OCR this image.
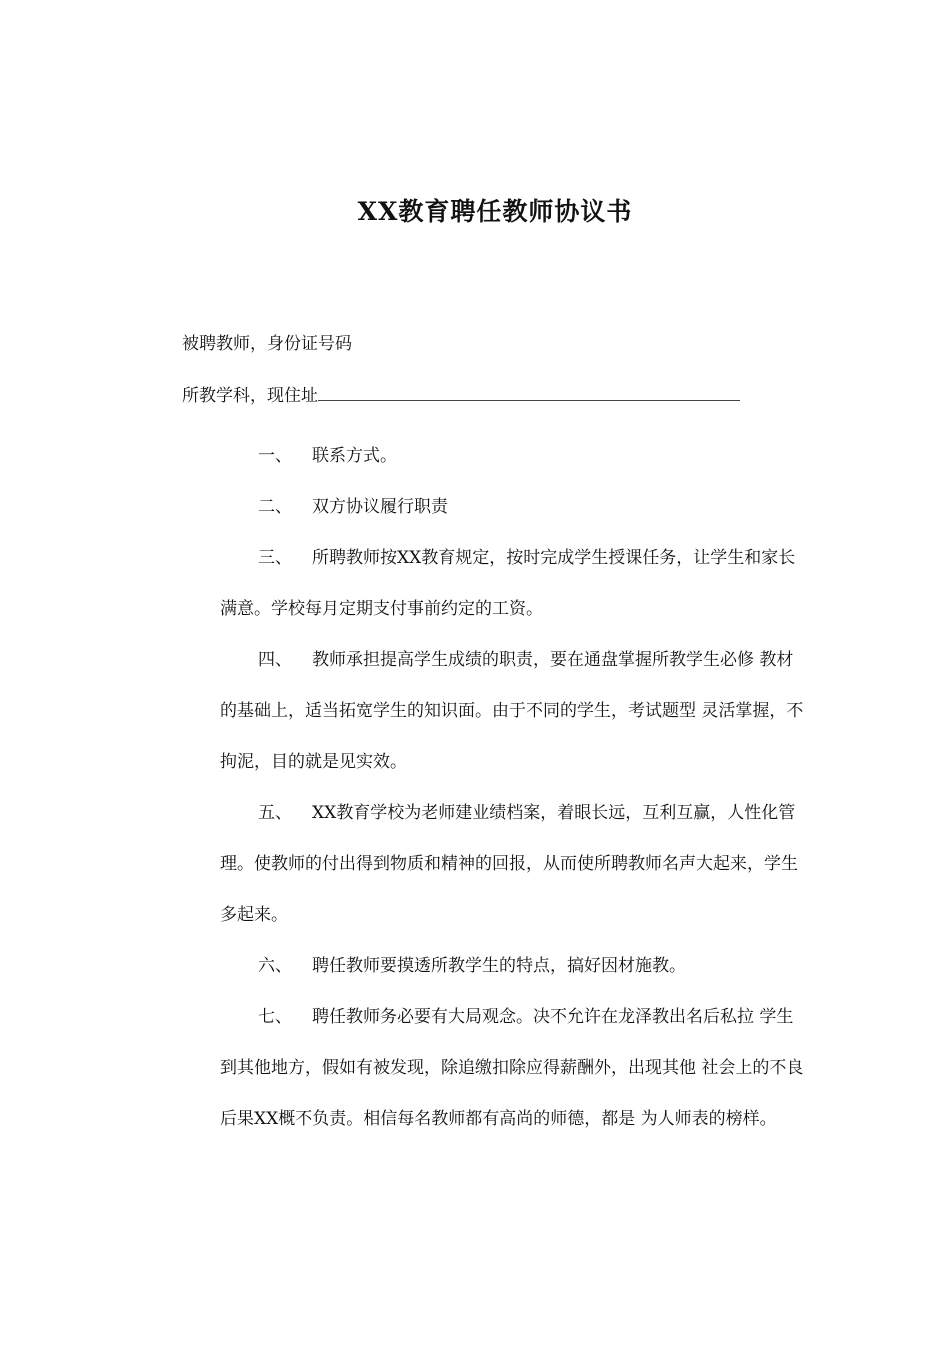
XX教育聘任教师协议书
被聘教师，身份证号码
所教学科，现住址

一、 联系方式。

二、 双方协议履行职责

三、 所聘教师按XX教育规定，按时完成学生授课任务，让学生和家长满意。学校每月定期支付事前约定的工资。

四、 教师承担提高学生成绩的职责，要在通盘掌握所教学生必修 教材的基础上，适当拓宽学生的知识面。由于不同的学生，考试题型 灵活掌握，不拘泥，目的就是见实效。

五、 XX教育学校为老师建业绩档案，着眼长远，互利互赢，人性化管理。使教师的付出得到物质和精神的回报，从而使所聘教师名声大起来，学生多起来。

六、 聘任教师要摸透所教学生的特点，搞好因材施教。

七、 聘任教师务必要有大局观念。决不允许在龙泽教出名后私拉 学生到其他地方，假如有被发现，除追缴扣除应得薪酬外，出现其他 社会上的不良后果XX概不负责。相信每名教师都有高尚的师德，都是 为人师表的榜样。
